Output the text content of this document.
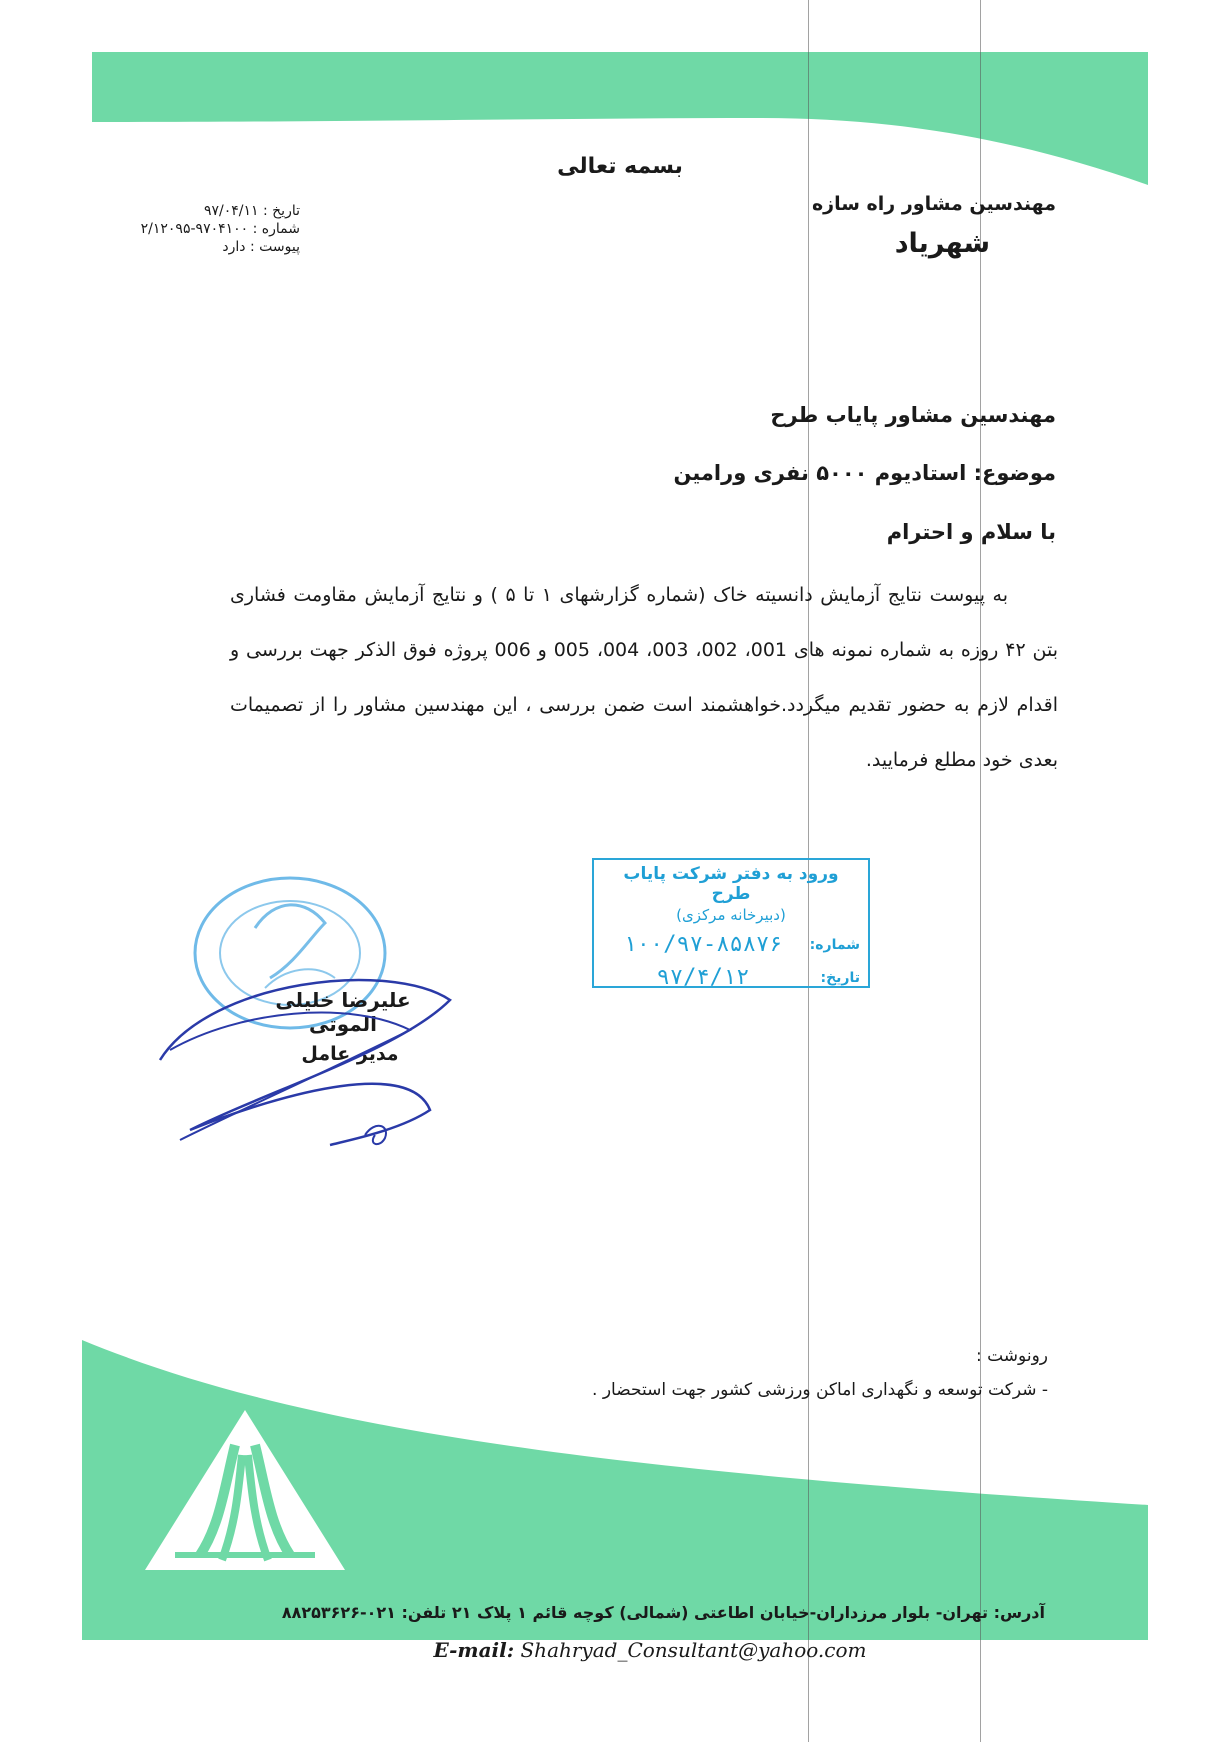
بسمه تعالی
مهندسین مشاور راه سازه
شهریاد
تاریخ : ۹۷/۰۴/۱۱
شماره : ۹۷۰۴۱۰۰-۲/۱۲۰۹۵
پیوست : دارد
مهندسین مشاور پایاب طرح
موضوع: استادیوم ۵۰۰۰ نفری ورامین
با سلام و احترام

به پیوست نتایج آزمایش دانسیته خاک (شماره گزارشهای ۱ تا ۵ ) و نتایج آزمایش مقاومت فشاری بتن ۴۲ روزه به شماره نمونه های 001، 002، 003، 004، 005 و 006 پروژه فوق الذکر جهت بررسی و اقدام لازم به حضور تقدیم میگردد.خواهشمند است ضمن بررسی ، این مهندسین مشاور را از تصمیمات بعدی خود مطلع فرمایید.

ورود به دفتر شرکت پایاب طرح
(دبیرخانه مرکزی)
شماره:
۱۰۰/۹۷-۸۵۸۷۶
تاریخ:
۹۷/۴/۱۲
علیرضا خلیلی الموتی
مدیر عامل
رونوشت :
- شرکت توسعه و نگهداری اماکن ورزشی کشور جهت استحضار .
آدرس: تهران- بلوار مرزداران-خیابان اطاعتی (شمالی) کوچه قائم ۱ پلاک ۲۱ تلفن: ۰۲۱-۸۸۲۵۳۶۲۶
E-mail: Shahryad_Consultant@yahoo.com
